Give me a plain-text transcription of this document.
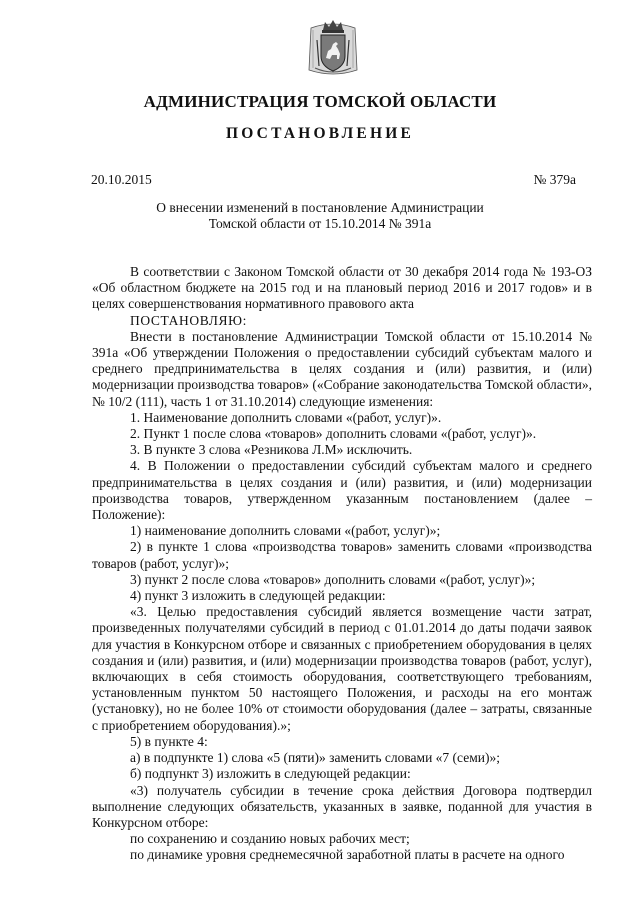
АДМИНИСТРАЦИЯ ТОМСКОЙ ОБЛАСТИ
ПОСТАНОВЛЕНИЕ
20.10.2015	№ 379а
О внесении изменений в постановление Администрации
Томской области от 15.10.2014 № 391а

В соответствии с Законом Томской области от 30 декабря 2014 года № 193-ОЗ «Об областном бюджете на 2015 год и на плановый период 2016 и 2017 годов» и в целях совершенствования нормативного правового акта

ПОСТАНОВЛЯЮ:

Внести в постановление Администрации Томской области от 15.10.2014 № 391а «Об утверждении Положения о предоставлении субсидий субъектам малого и среднего предпринимательства в целях создания и (или) развития, и (или) модернизации производства товаров» («Собрание законодательства Томской области», № 10/2 (111), часть 1 от 31.10.2014) следующие изменения:

1. Наименование дополнить словами «(работ, услуг)».

2. Пункт 1 после слова «товаров» дополнить словами «(работ, услуг)».

3. В пункте 3 слова «Резникова Л.М» исключить.

4. В Положении о предоставлении субсидий субъектам малого и среднего предпринимательства в целях создания и (или) развития, и (или) модернизации производства товаров, утвержденном указанным постановлением (далее – Положение):

1) наименование дополнить словами «(работ, услуг)»;

2) в пункте 1 слова «производства товаров» заменить словами «производства товаров (работ, услуг)»;

3) пункт 2 после слова «товаров» дополнить словами «(работ, услуг)»;

4) пункт 3 изложить в следующей редакции:

«3. Целью предоставления субсидий является возмещение части затрат, произведенных получателями субсидий в период с 01.01.2014 до даты подачи заявок для участия в Конкурсном отборе и связанных с приобретением оборудования в целях создания и (или) развития, и (или) модернизации производства товаров (работ, услуг), включающих в себя стоимость оборудования, соответствующего требованиям, установленным пунктом 50 настоящего Положения, и расходы на его монтаж (установку), но не более 10% от стоимости оборудования (далее – затраты, связанные с приобретением оборудования).»;

5) в пункте 4:

а) в подпункте 1) слова «5 (пяти)» заменить словами «7 (семи)»;

б) подпункт 3) изложить в следующей редакции:

«3) получатель субсидии в течение срока действия Договора подтвердил выполнение следующих обязательств, указанных в заявке, поданной для участия в Конкурсном отборе:

по сохранению и созданию новых рабочих мест;

по динамике уровня среднемесячной заработной платы в расчете на одного
